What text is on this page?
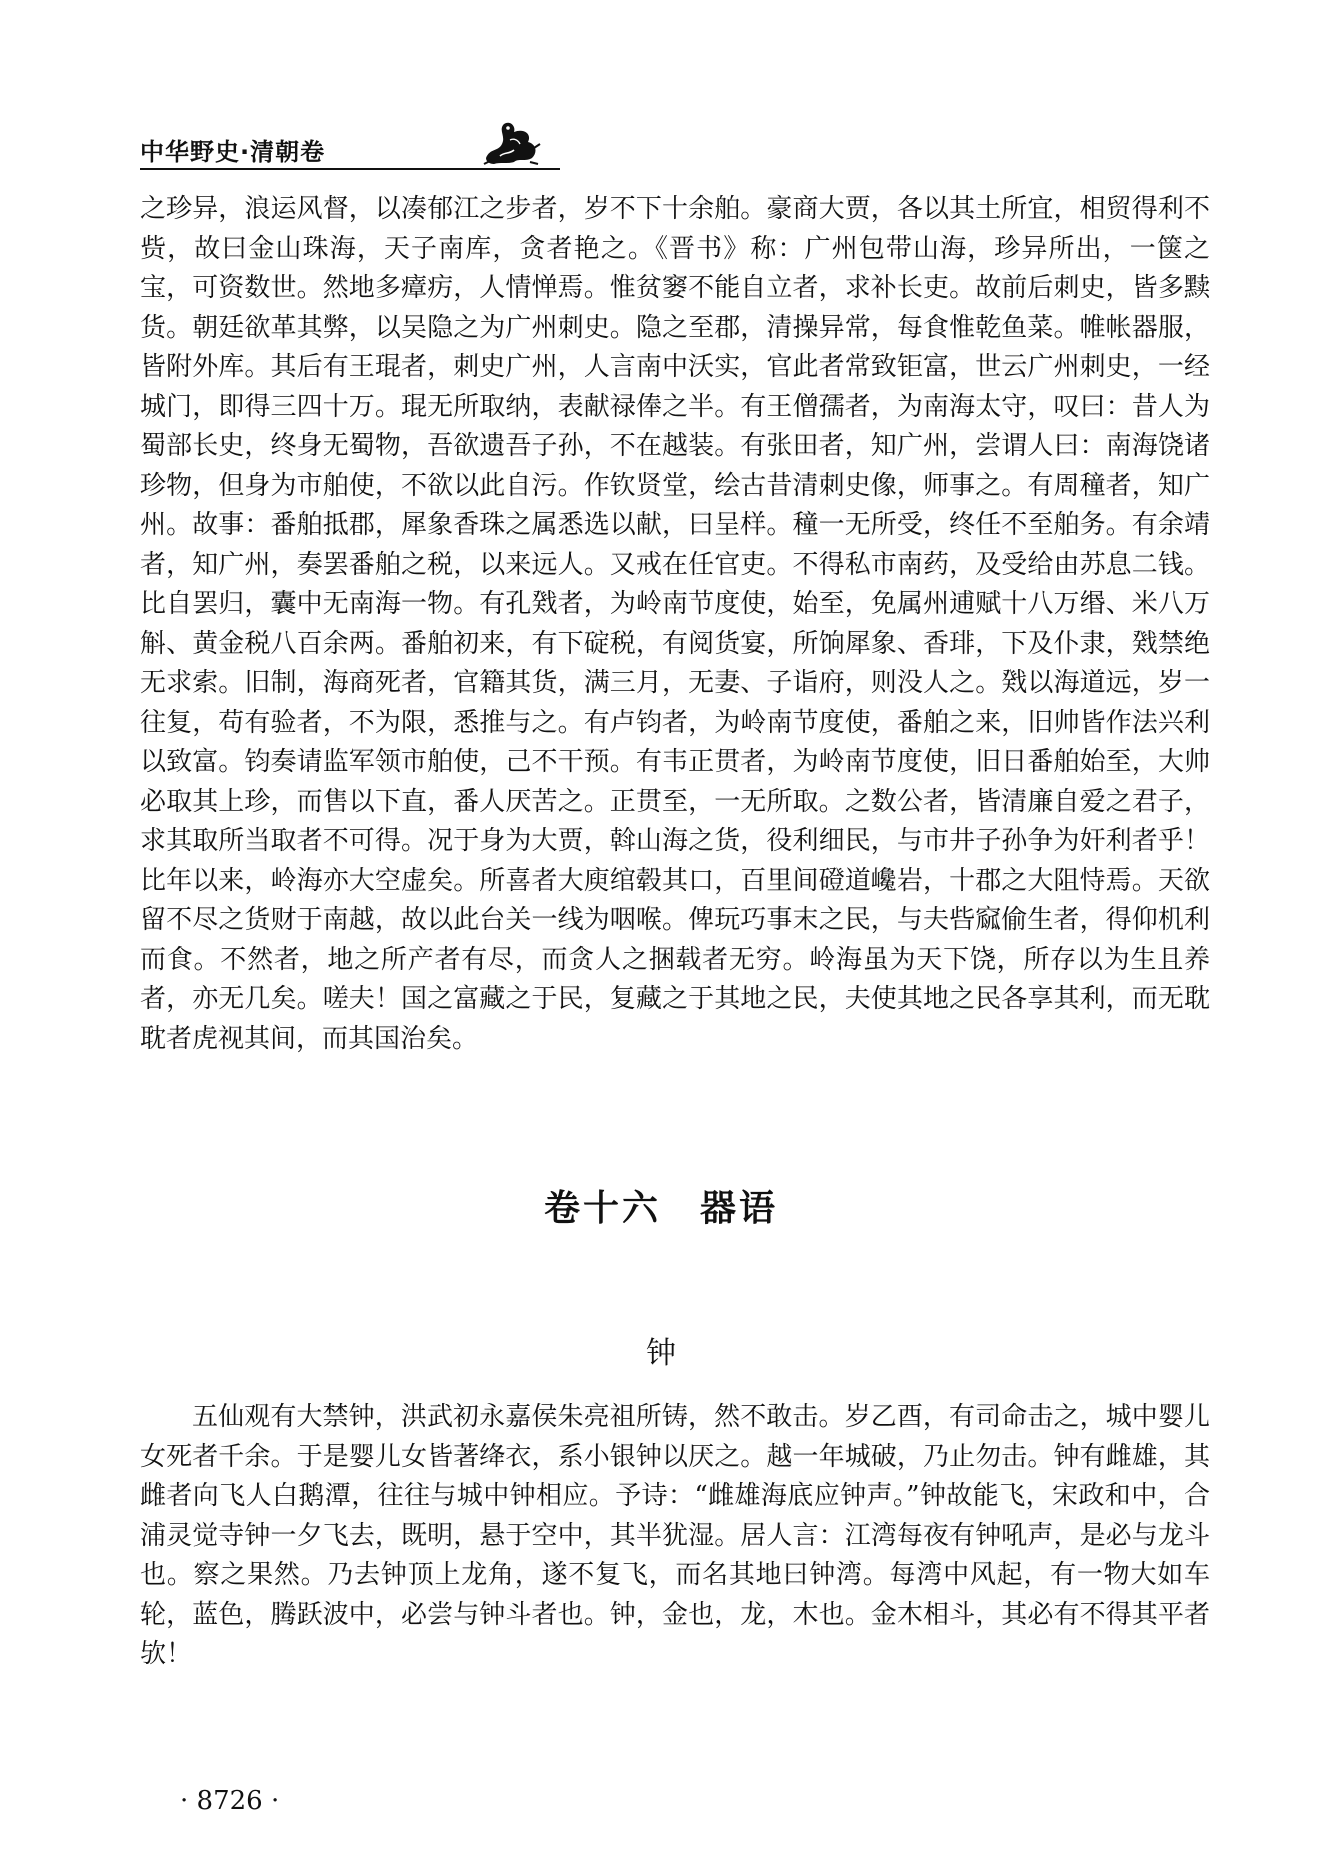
中华野史·清朝卷

之珍异，浪运风督，以凑郁江之步者，岁不下十余舶。豪商大贾，各以其土所宜，相贸得利不赀，故曰金山珠海，天子南库，贪者艳之。《晋书》称：广州包带山海，珍异所出，一箧之宝，可资数世。然地多瘴疠，人情惮焉。惟贫窭不能自立者，求补长吏。故前后刺史，皆多黩货。朝廷欲革其弊，以吴隐之为广州刺史。隐之至郡，清操异常，每食惟乾鱼菜。帷帐器服，皆附外库。其后有王琨者，刺史广州，人言南中沃实，官此者常致钜富，世云广州刺史，一经城门，即得三四十万。琨无所取纳，表献禄俸之半。有王僧孺者，为南海太守，叹曰：昔人为蜀部长史，终身无蜀物，吾欲遗吾子孙，不在越装。有张田者，知广州，尝谓人曰：南海饶诸珍物，但身为市舶使，不欲以此自污。作钦贤堂，绘古昔清刺史像，师事之。有周穜者，知广州。故事：番舶抵郡，犀象香珠之属悉选以献，曰呈样。穜一无所受，终任不至舶务。有余靖者，知广州，奏罢番舶之税，以来远人。又戒在任官吏。不得私市南药，及受给由苏息二钱。比自罢归，囊中无南海一物。有孔戣者，为岭南节度使，始至，免属州逋赋十八万缗、米八万斛、黄金税八百余两。番舶初来，有下碇税，有阅货宴，所饷犀象、香琲，下及仆隶，戣禁绝无求索。旧制，海商死者，官籍其货，满三月，无妻、子诣府，则没人之。戣以海道远，岁一往复，苟有验者，不为限，悉推与之。有卢钧者，为岭南节度使，番舶之来，旧帅皆作法兴利以致富。钧奏请监军领市舶使，己不干预。有韦正贯者，为岭南节度使，旧日番舶始至，大帅必取其上珍，而售以下直，番人厌苦之。正贯至，一无所取。之数公者，皆清廉自爱之君子，求其取所当取者不可得。况于身为大贾，斡山海之货，役利细民，与市井子孙争为奸利者乎！比年以来，岭海亦大空虚矣。所喜者大庾绾毂其口，百里间磴道巉岩，十郡之大阻恃焉。天欲留不尽之货财于南越，故以此台关一线为咽喉。俾玩巧事末之民，与夫呰窳偷生者，得仰机利而食。不然者，地之所产者有尽，而贪人之捆载者无穷。岭海虽为天下饶，所存以为生且养者，亦无几矣。嗟夫！国之富藏之于民，复藏之于其地之民，夫使其地之民各享其利，而无耽耽者虎视其间，而其国治矣。

卷十六　器语
钟

五仙观有大禁钟，洪武初永嘉侯朱亮祖所铸，然不敢击。岁乙酉，有司命击之，城中婴儿女死者千余。于是婴儿女皆著绛衣，系小银钟以厌之。越一年城破，乃止勿击。钟有雌雄，其雌者向飞人白鹅潭，往往与城中钟相应。予诗：“雌雄海底应钟声。”钟故能飞，宋政和中，合浦灵觉寺钟一夕飞去，既明，悬于空中，其半犹湿。居人言：江湾每夜有钟吼声，是必与龙斗也。察之果然。乃去钟顶上龙角，遂不复飞，而名其地曰钟湾。每湾中风起，有一物大如车轮，蓝色，腾跃波中，必尝与钟斗者也。钟，金也，龙，木也。金木相斗，其必有不得其平者欤！

· 8726 ·
